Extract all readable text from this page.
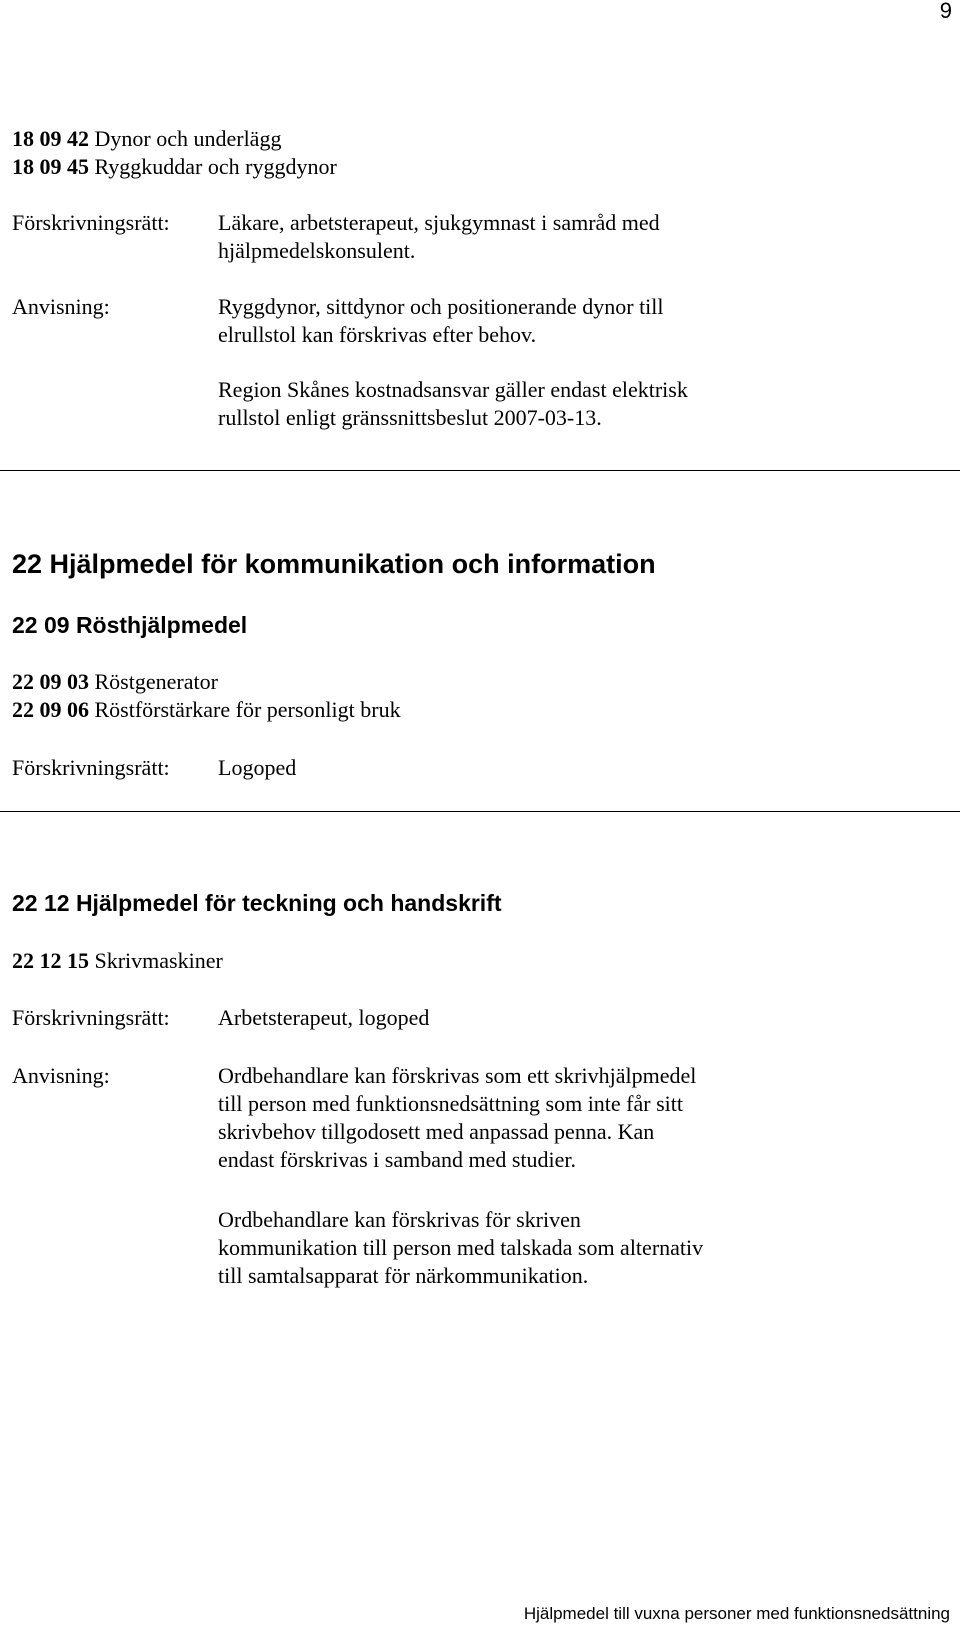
9
18 09 42 Dynor och underlägg
18 09 45 Ryggkuddar och ryggdynor
Förskrivningsrätt: Läkare, arbetsterapeut, sjukgymnast i samråd med
hjälpmedelskonsulent.
Anvisning:	Ryggdynor, sittdynor och positionerande dynor till
elrullstol kan förskrivas efter behov.
Region Skånes kostnadsansvar gäller endast elektrisk
rullstol enligt gränssnittsbeslut 2007-03-13.
22 Hjälpmedel för kommunikation och information
22 09 Rösthjälpmedel
22 09 03 Röstgenerator
22 09 06 Röstförstärkare för personligt bruk
Förskrivningsrätt: Logoped
22 12 Hjälpmedel för teckning och handskrift
22 12 15 Skrivmaskiner
Förskrivningsrätt: Arbetsterapeut, logoped
Anvisning:	Ordbehandlare kan förskrivas som ett skrivhjälpmedel
till person med funktionsnedsättning som inte får sitt
skrivbehov tillgodosett med anpassad penna. Kan
endast förskrivas i samband med studier.
Ordbehandlare kan förskrivas för skriven
kommunikation till person med talskada som alternativ
till samtalsapparat för närkommunikation.
Hjälpmedel till vuxna personer med funktionsnedsättning
